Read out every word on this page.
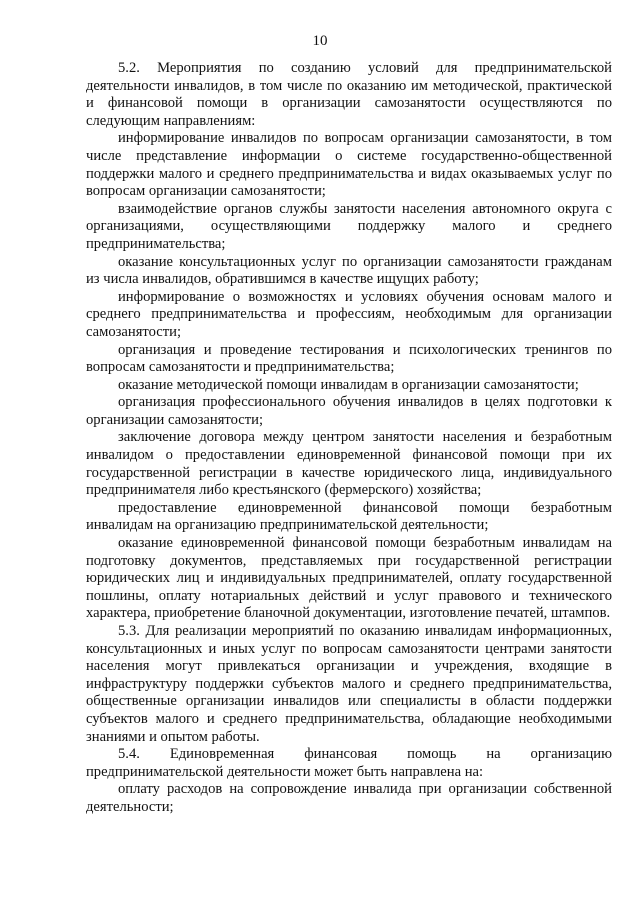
10

5.2. Мероприятия по созданию условий для предпринимательской деятельности инвалидов, в том числе по оказанию им методической, практической и финансовой помощи в организации самозанятости осуществляются по следующим направлениям:

информирование инвалидов по вопросам организации самозанятости, в том числе представление информации о системе государственно-общественной поддержки малого и среднего предпринимательства и видах оказываемых услуг по вопросам организации самозанятости;

взаимодействие органов службы занятости населения автономного округа с организациями, осуществляющими поддержку малого и среднего предпринимательства;

оказание консультационных услуг по организации самозанятости гражданам из числа инвалидов, обратившимся в качестве ищущих работу;

информирование о возможностях и условиях обучения основам малого и среднего предпринимательства и профессиям, необходимым для организации самозанятости;

организация и проведение тестирования и психологических тренингов по вопросам самозанятости и предпринимательства;

оказание методической помощи инвалидам в организации самозанятости;

организация профессионального обучения инвалидов в целях подготовки к организации самозанятости;

заключение договора между центром занятости населения и безработным инвалидом о предоставлении единовременной финансовой помощи при их государственной регистрации в качестве юридического лица, индивидуального предпринимателя либо крестьянского (фермерского) хозяйства;

предоставление единовременной финансовой помощи безработным инвалидам на организацию предпринимательской деятельности;

оказание единовременной финансовой помощи безработным инвалидам на подготовку документов, представляемых при государственной регистрации юридических лиц и индивидуальных предпринимателей, оплату государственной пошлины, оплату нотариальных действий и услуг правового и технического характера, приобретение бланочной документации, изготовление печатей, штампов.

5.3. Для реализации мероприятий по оказанию инвалидам информационных, консультационных и иных услуг по вопросам самозанятости центрами занятости населения могут привлекаться организации и учреждения, входящие в инфраструктуру поддержки субъектов малого и среднего предпринимательства, общественные организации инвалидов или специалисты в области поддержки субъектов малого и среднего предпринимательства, обладающие необходимыми знаниями и опытом работы.

5.4. Единовременная финансовая помощь на организацию предпринимательской деятельности может быть направлена на:

оплату расходов на сопровождение инвалида при организации собственной деятельности;
